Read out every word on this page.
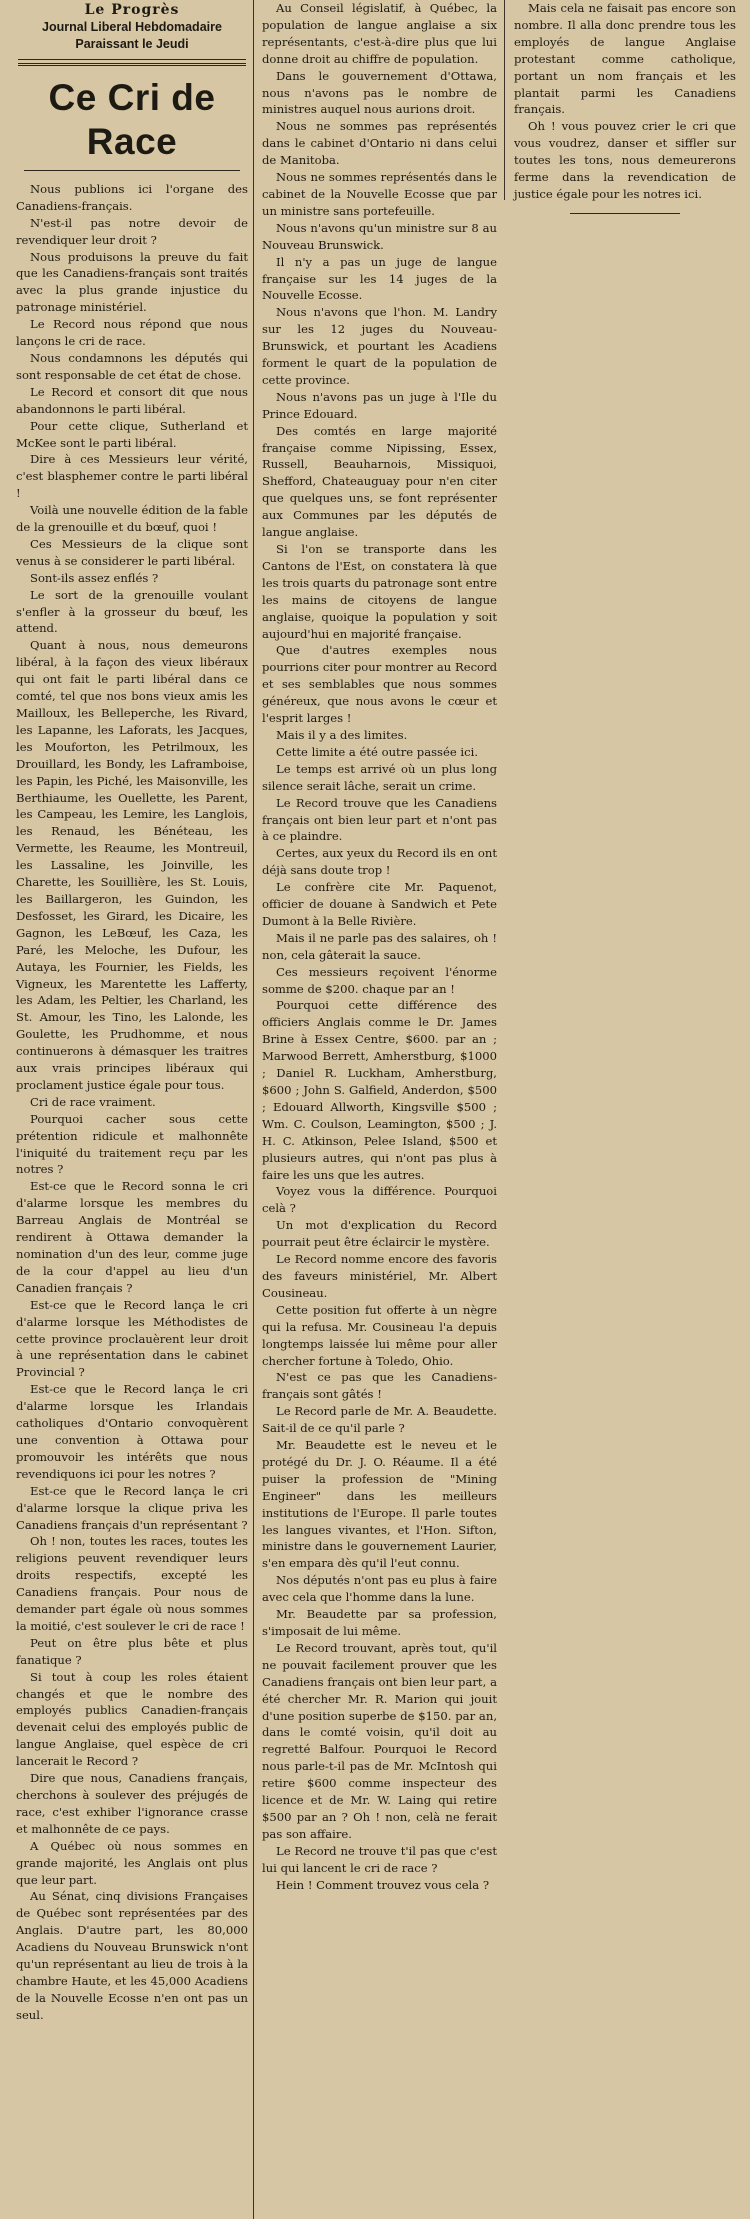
Le Progrès
Journal Liberal Hebdomadaire
Paraissant le Jeudi
Ce Cri de Race

Nous publions ici l'organe des Canadiens-français.

N'est-il pas notre devoir de revendiquer leur droit ?

Nous produisons la preuve du fait que les Canadiens-français sont traités avec la plus grande injustice du patronage ministériel.

Le Record nous répond que nous lançons le cri de race.

Nous condamnons les députés qui sont responsable de cet état de chose.

Le Record et consort dit que nous abandonnons le parti libéral.

Pour cette clique, Sutherland et McKee sont le parti libéral.

Dire à ces Messieurs leur vérité, c'est blasphemer contre le parti libéral !

Voilà une nouvelle édition de la fable de la grenouille et du bœuf, quoi !

Ces Messieurs de la clique sont venus à se considerer le parti libéral.

Sont-ils assez enflés ?

Le sort de la grenouille voulant s'enfler à la grosseur du bœuf, les attend.

Quant à nous, nous demeurons libéral, à la façon des vieux libéraux qui ont fait le parti libéral dans ce comté, tel que nos bons vieux amis les Mailloux, les Belleperche, les Rivard, les Lapanne, les Laforats, les Jacques, les Mouforton, les Petrilmoux, les Drouillard, les Bondy, les Laframboise, les Papin, les Piché, les Maisonville, les Berthiaume, les Ouellette, les Parent, les Campeau, les Lemire, les Langlois, les Renaud, les Bénéteau, les Vermette, les Reaume, les Montreuil, les Lassaline, les Joinville, les Charette, les Souillière, les St. Louis, les Baillargeron, les Guindon, les Desfosset, les Girard, les Dicaire, les Gagnon, les LeBœuf, les Caza, les Paré, les Meloche, les Dufour, les Autaya, les Fournier, les Fields, les Vigneux, les Marentette les Lafferty, les Adam, les Peltier, les Charland, les St. Amour, les Tino, les Lalonde, les Goulette, les Prudhomme, et nous continuerons à démasquer les traitres aux vrais principes libéraux qui proclament justice égale pour tous.

Cri de race vraiment.

Pourquoi cacher sous cette prétention ridicule et malhonnête l'iniquité du traitement reçu par les notres ?

Est-ce que le Record sonna le cri d'alarme lorsque les membres du Barreau Anglais de Montréal se rendirent à Ottawa demander la nomination d'un des leur, comme juge de la cour d'appel au lieu d'un Canadien français ?

Est-ce que le Record lança le cri d'alarme lorsque les Méthodistes de cette province proclauèrent leur droit à une représentation dans le cabinet Provincial ?

Est-ce que le Record lança le cri d'alarme lorsque les Irlandais catholiques d'Ontario convoquèrent une convention à Ottawa pour promouvoir les intérêts que nous revendiquons ici pour les notres ?

Est-ce que le Record lança le cri d'alarme lorsque la clique priva les Canadiens français d'un représentant ?

Oh ! non, toutes les races, toutes les religions peuvent revendiquer leurs droits respectifs, excepté les Canadiens français. Pour nous de demander part égale où nous sommes la moitié, c'est soulever le cri de race !

Peut on être plus bête et plus fanatique ?

Si tout à coup les roles étaient changés et que le nombre des employés publics Canadien-français devenait celui des employés public de langue Anglaise, quel espèce de cri lancerait le Record ?

Dire que nous, Canadiens français, cherchons à soulever des préjugés de race, c'est exhiber l'ignorance crasse et malhonnête de ce pays.

A Québec où nous sommes en grande majorité, les Anglais ont plus que leur part.

Au Sénat, cinq divisions Françaises de Québec sont représentées par des Anglais. D'autre part, les 80,000 Acadiens du Nouveau Brunswick n'ont qu'un représentant au lieu de trois à la chambre Haute, et les 45,000 Acadiens de la Nouvelle Ecosse n'en ont pas un seul.

Au Conseil législatif, à Québec, la population de langue anglaise a six représentants, c'est-à-dire plus que lui donne droit au chiffre de population.

Dans le gouvernement d'Ottawa, nous n'avons pas le nombre de ministres auquel nous aurions droit.

Nous ne sommes pas représentés dans le cabinet d'Ontario ni dans celui de Manitoba.

Nous ne sommes représentés dans le cabinet de la Nouvelle Ecosse que par un ministre sans portefeuille.

Nous n'avons qu'un ministre sur 8 au Nouveau Brunswick.

Il n'y a pas un juge de langue française sur les 14 juges de la Nouvelle Ecosse.

Nous n'avons que l'hon. M. Landry sur les 12 juges du Nouveau-Brunswick, et pourtant les Acadiens forment le quart de la population de cette province.

Nous n'avons pas un juge à l'Ile du Prince Edouard.

Des comtés en large majorité française comme Nipissing, Essex, Russell, Beauharnois, Missiquoi, Shefford, Chateauguay pour n'en citer que quelques uns, se font représenter aux Communes par les députés de langue anglaise.

Si l'on se transporte dans les Cantons de l'Est, on constatera là que les trois quarts du patronage sont entre les mains de citoyens de langue anglaise, quoique la population y soit aujourd'hui en majorité française.

Que d'autres exemples nous pourrions citer pour montrer au Record et ses semblables que nous sommes généreux, que nous avons le cœur et l'esprit larges !

Mais il y a des limites.

Cette limite a été outre passée ici.

Le temps est arrivé où un plus long silence serait lâche, serait un crime.

Le Record trouve que les Canadiens français ont bien leur part et n'ont pas à ce plaindre.

Certes, aux yeux du Record ils en ont déjà sans doute trop !

Le confrère cite Mr. Paquenot, officier de douane à Sandwich et Pete Dumont à la Belle Rivière.

Mais il ne parle pas des salaires, oh ! non, cela gâterait la sauce.

Ces messieurs reçoivent l'énorme somme de $200. chaque par an !

Pourquoi cette différence des officiers Anglais comme le Dr. James Brine à Essex Centre, $600. par an ; Marwood Berrett, Amherstburg, $1000 ; Daniel R. Luckham, Amherstburg, $600 ; John S. Galfield, Anderdon, $500 ; Edouard Allworth, Kingsville $500 ; Wm. C. Coulson, Leamington, $500 ; J. H. C. Atkinson, Pelee Island, $500 et plusieurs autres, qui n'ont pas plus à faire les uns que les autres.

Voyez vous la différence. Pourquoi celà ?

Un mot d'explication du Record pourrait peut être éclaircir le mystère.

Le Record nomme encore des favoris des faveurs ministériel, Mr. Albert Cousineau.

Cette position fut offerte à un nègre qui la refusa. Mr. Cousineau l'a depuis longtemps laissée lui même pour aller chercher fortune à Toledo, Ohio.

N'est ce pas que les Canadiens-français sont gâtés !

Le Record parle de Mr. A. Beaudette. Sait-il de ce qu'il parle ?

Mr. Beaudette est le neveu et le protégé du Dr. J. O. Réaume. Il a été puiser la profession de "Mining Engineer" dans les meilleurs institutions de l'Europe. Il parle toutes les langues vivantes, et l'Hon. Sifton, ministre dans le gouvernement Laurier, s'en empara dès qu'il l'eut connu.

Nos députés n'ont pas eu plus à faire avec cela que l'homme dans la lune.

Mr. Beaudette par sa profession, s'imposait de lui même.

Le Record trouvant, après tout, qu'il ne pouvait facilement prouver que les Canadiens français ont bien leur part, a été chercher Mr. R. Marion qui jouit d'une position superbe de $150. par an, dans le comté voisin, qu'il doit au regretté Balfour. Pourquoi le Record nous parle-t-il pas de Mr. McIntosh qui retire $600 comme inspecteur des licence et de Mr. W. Laing qui retire $500 par an ? Oh ! non, celà ne ferait pas son affaire.

Le Record ne trouve t'il pas que c'est lui qui lancent le cri de race ?

Hein ! Comment trouvez vous cela ?

Mais cela ne faisait pas encore son nombre. Il alla donc prendre tous les employés de langue Anglaise protestant comme catholique, portant un nom français et les plantait parmi les Canadiens français.

Oh ! vous pouvez crier le cri que vous voudrez, danser et siffler sur toutes les tons, nous demeurerons ferme dans la revendication de justice égale pour les notres ici.
